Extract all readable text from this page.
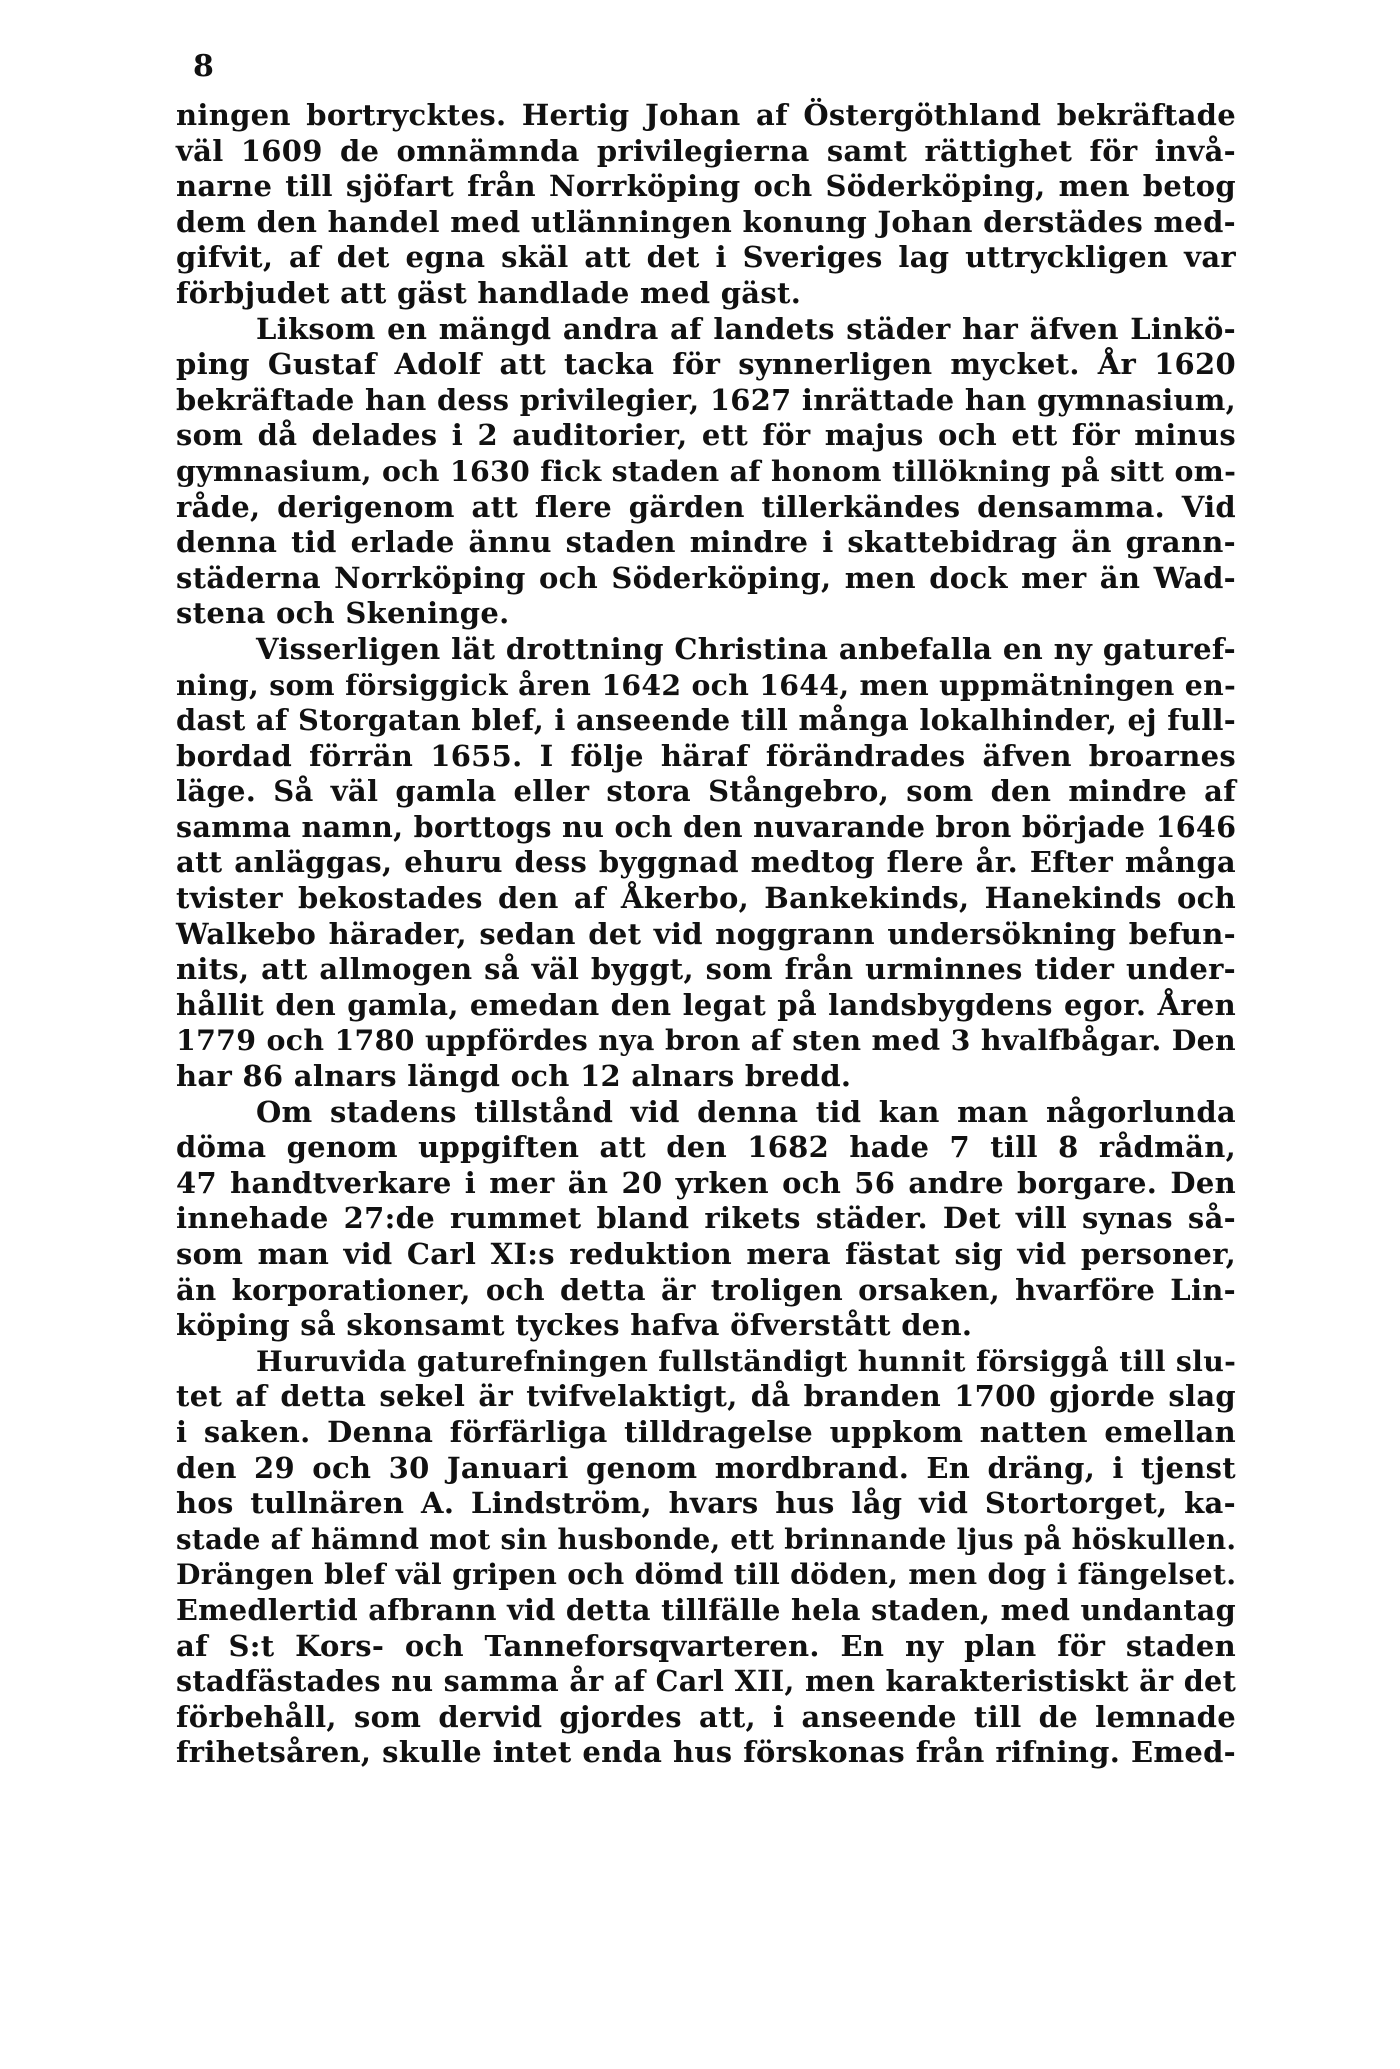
8
ningen bortrycktes. Hertig Johan af Östergöthland bekräftade
väl 1609 de omnämnda privilegierna samt rättighet för invå-
narne till sjöfart från Norrköping och Söderköping, men betog
dem den handel med utlänningen konung Johan derstädes med-
gifvit, af det egna skäl att det i Sveriges lag uttryckligen var
förbjudet att gäst handlade med gäst.
Liksom en mängd andra af landets städer har äfven Linkö-
ping Gustaf Adolf att tacka för synnerligen mycket. År 1620
bekräftade han dess privilegier, 1627 inrättade han gymnasium,
som då delades i 2 auditorier, ett för majus och ett för minus
gymnasium, och 1630 fick staden af honom tillökning på sitt om-
råde, derigenom att flere gärden tillerkändes densamma. Vid
denna tid erlade ännu staden mindre i skattebidrag än grann-
städerna Norrköping och Söderköping, men dock mer än Wad-
stena och Skeninge.
Visserligen lät drottning Christina anbefalla en ny gaturef-
ning, som försiggick åren 1642 och 1644, men uppmätningen en-
dast af Storgatan blef, i anseende till många lokalhinder, ej full-
bordad förrän 1655. I följe häraf förändrades äfven broarnes
läge. Så väl gamla eller stora Stångebro, som den mindre af
samma namn, borttogs nu och den nuvarande bron började 1646
att anläggas, ehuru dess byggnad medtog flere år. Efter många
tvister bekostades den af Åkerbo, Bankekinds, Hanekinds och
Walkebo härader, sedan det vid noggrann undersökning befun-
nits, att allmogen så väl byggt, som från urminnes tider under-
hållit den gamla, emedan den legat på landsbygdens egor. Åren
1779 och 1780 uppfördes nya bron af sten med 3 hvalfbågar. Den
har 86 alnars längd och 12 alnars bredd.
Om stadens tillstånd vid denna tid kan man någorlunda
döma genom uppgiften att den 1682 hade 7 till 8 rådmän,
47 handtverkare i mer än 20 yrken och 56 andre borgare. Den
innehade 27:de rummet bland rikets städer. Det vill synas så-
som man vid Carl XI:s reduktion mera fästat sig vid personer,
än korporationer, och detta är troligen orsaken, hvarföre Lin-
köping så skonsamt tyckes hafva öfverstått den.
Huruvida gaturefningen fullständigt hunnit försiggå till slu-
tet af detta sekel är tvifvelaktigt, då branden 1700 gjorde slag
i saken. Denna förfärliga tilldragelse uppkom natten emellan
den 29 och 30 Januari genom mordbrand. En dräng, i tjenst
hos tullnären A. Lindström, hvars hus låg vid Stortorget, ka-
stade af hämnd mot sin husbonde, ett brinnande ljus på höskullen.
Drängen blef väl gripen och dömd till döden, men dog i fängelset.
Emedlertid afbrann vid detta tillfälle hela staden, med undantag
af S:t Kors- och Tanneforsqvarteren. En ny plan för staden
stadfästades nu samma år af Carl XII, men karakteristiskt är det
förbehåll, som dervid gjordes att, i anseende till de lemnade
frihetsåren, skulle intet enda hus förskonas från rifning. Emed-
